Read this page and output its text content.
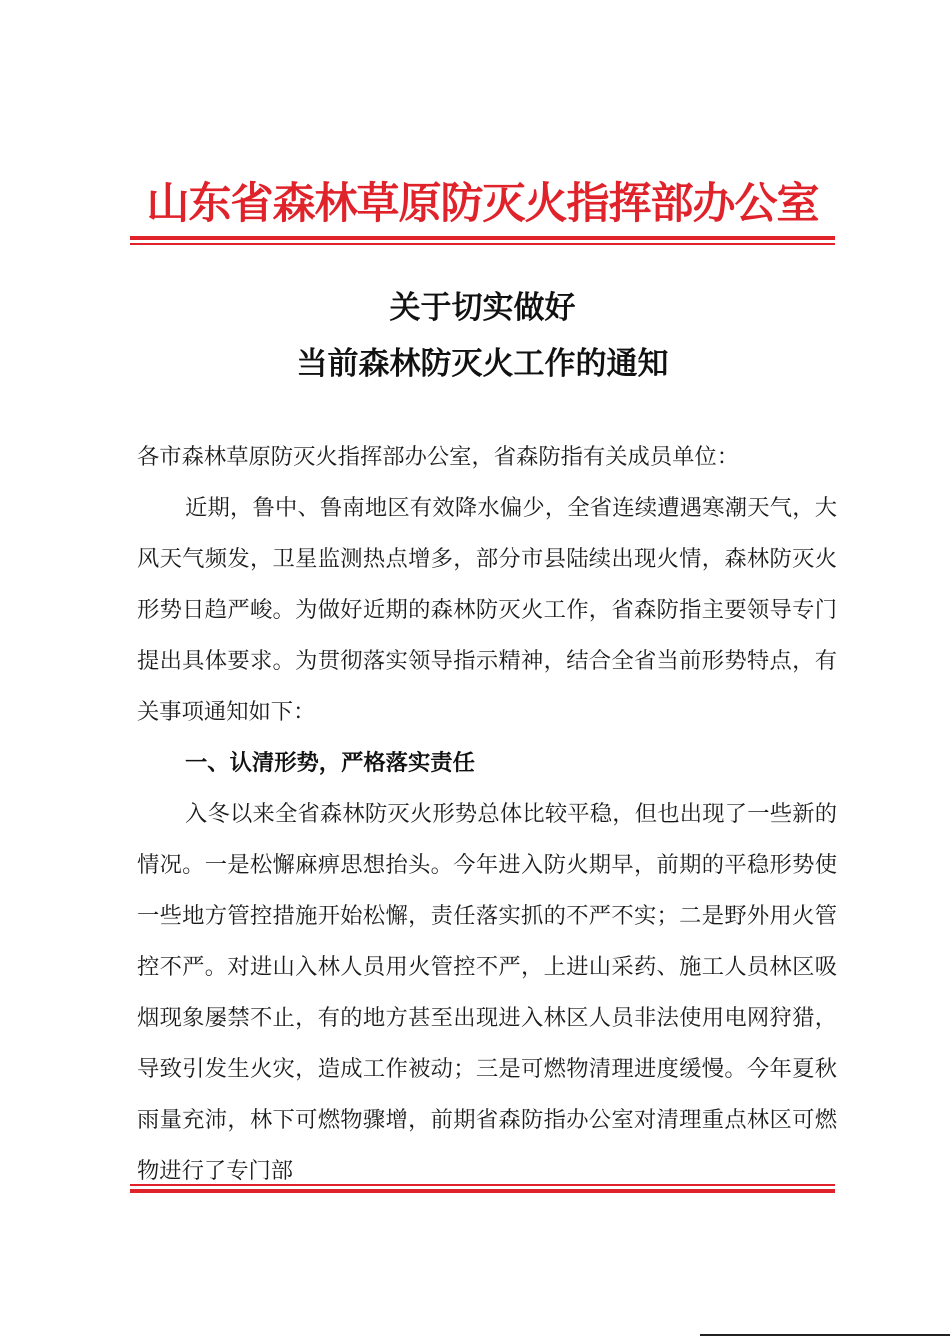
山东省森林草原防灭火指挥部办公室
关于切实做好
当前森林防灭火工作的通知

各市森林草原防灭火指挥部办公室，省森防指有关成员单位：

近期，鲁中、鲁南地区有效降水偏少，全省连续遭遇寒潮天气，大风天气频发，卫星监测热点增多，部分市县陆续出现火情，森林防灭火形势日趋严峻。为做好近期的森林防灭火工作，省森防指主要领导专门提出具体要求。为贯彻落实领导指示精神，结合全省当前形势特点，有关事项通知如下：

一、认清形势，严格落实责任

入冬以来全省森林防灭火形势总体比较平稳，但也出现了一些新的情况。一是松懈麻痹思想抬头。今年进入防火期早，前期的平稳形势使一些地方管控措施开始松懈，责任落实抓的不严不实；二是野外用火管控不严。对进山入林人员用火管控不严，上进山采药、施工人员林区吸烟现象屡禁不止，有的地方甚至出现进入林区人员非法使用电网狩猎，导致引发生火灾，造成工作被动；三是可燃物清理进度缓慢。今年夏秋雨量充沛，林下可燃物骤增，前期省森防指办公室对清理重点林区可燃物进行了专门部
